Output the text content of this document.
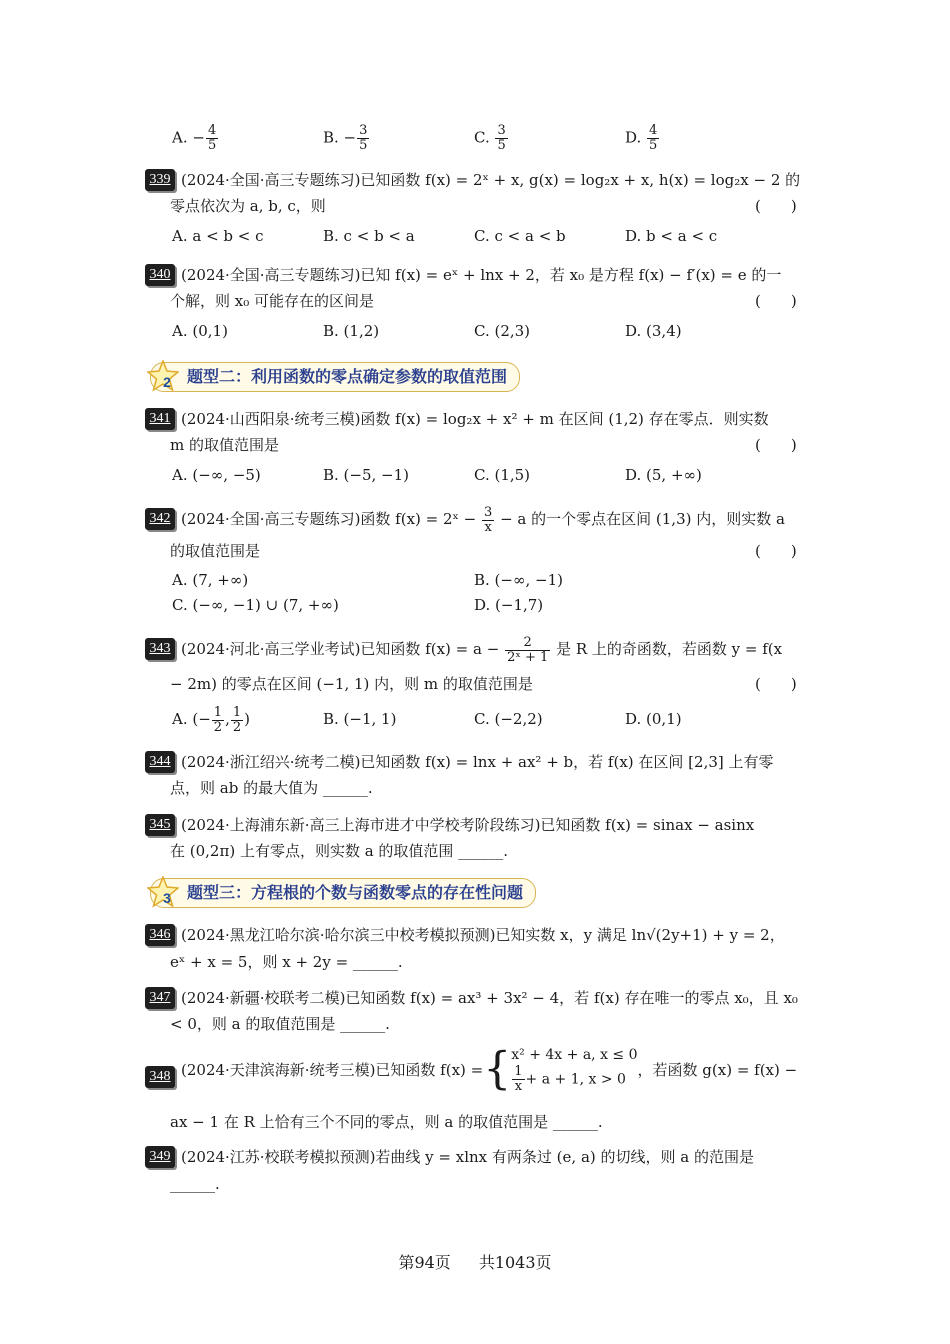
A. − $\frac{4}{5}$	B. − $\frac{3}{5}$	C. $\frac{3}{5}$	D. $\frac{4}{5}$
339 (2024·全国·高三专题练习)已知函数 f(x) = 2ˣ + x, g(x) = log₂x + x, h(x) = log₂x − 2 的
零点依次为 a, b, c，则	(　　)
A. a < b < c	B. c < b < a	C. c < a < b	D. b < a < c
340 (2024·全国·高三专题练习)已知 f(x) = eˣ + lnx + 2，若 x₀ 是方程 f(x) − f′(x) = e 的一
个解，则 x₀ 可能存在的区间是	(　　)
A. (0,1)	B. (1,2)	C. (2,3)	D. (3,4)
2	题型二：利用函数的零点确定参数的取值范围
341 (2024·山西阳泉·统考三模)函数 f(x) = log₂x + x² + m 在区间 (1,2) 存在零点．则实数
m 的取值范围是	(　　)
A. (−∞, −5)	B. (−5, −1)	C. (1,5)	D. (5, +∞)
342 (2024·全国·高三专题练习)函数 f(x) = 2ˣ − $\frac{3}{x} - a$ 的一个零点在区间 (1,3) 内，则实数 a
的取值范围是	(　　)
A. (7, +∞)	B. (−∞, −1)
C. (−∞, −1) ∪ (7, +∞)	D. (−1,7)
343 (2024·河北·高三学业考试)已知函数 $f(x) = a - \frac{2}{\text{2ˣ + 1}}$ 是 R 上的奇函数，若函数 y = f(x
− 2m) 的零点在区间 (−1, 1) 内，则 m 的取值范围是	(　　)
A. (− $\frac{1}{2}$ , $\frac{1}{2}$ )	B. (−1, 1)	C. (−2,2)	D. (0,1)
344 (2024·浙江绍兴·统考二模)已知函数 f(x) = lnx + ax² + b，若 f(x) 在区间 [2,3] 上有零
点，则 ab 的最大值为 ______.
345 (2024·上海浦东新·高三上海市进才中学校考阶段练习)已知函数 f(x) = sinax − asinx
在 (0,2π) 上有零点，则实数 a 的取值范围 ______.
3	题型三：方程根的个数与函数零点的存在性问题
346 (2024·黑龙江哈尔滨·哈尔滨三中校考模拟预测)已知实数 x，y 满足 ln√(2y+1) + y = 2，
eˣ + x = 5，则 x + 2y = ______.
347 (2024·新疆·校联考二模)已知函数 f(x) = ax³ + 3x² − 4，若 f(x) 存在唯一的零点 x₀，且 x₀
< 0，则 a 的取值范围是 ______.
348 (2024·天津滨海新·统考三模)已知函数 f(x) ={ x² + 4x + a, x ≤ 0
$\frac{1}{x} + a + 1$, x > 0
，若函数 g(x) = f(x) −
ax − 1 在 R 上恰有三个不同的零点，则 a 的取值范围是 ______.
349 (2024·江苏·校联考模拟预测)若曲线 y = xlnx 有两条过 (e, a) 的切线，则 a 的范围是
______.
第94页 共1043页
